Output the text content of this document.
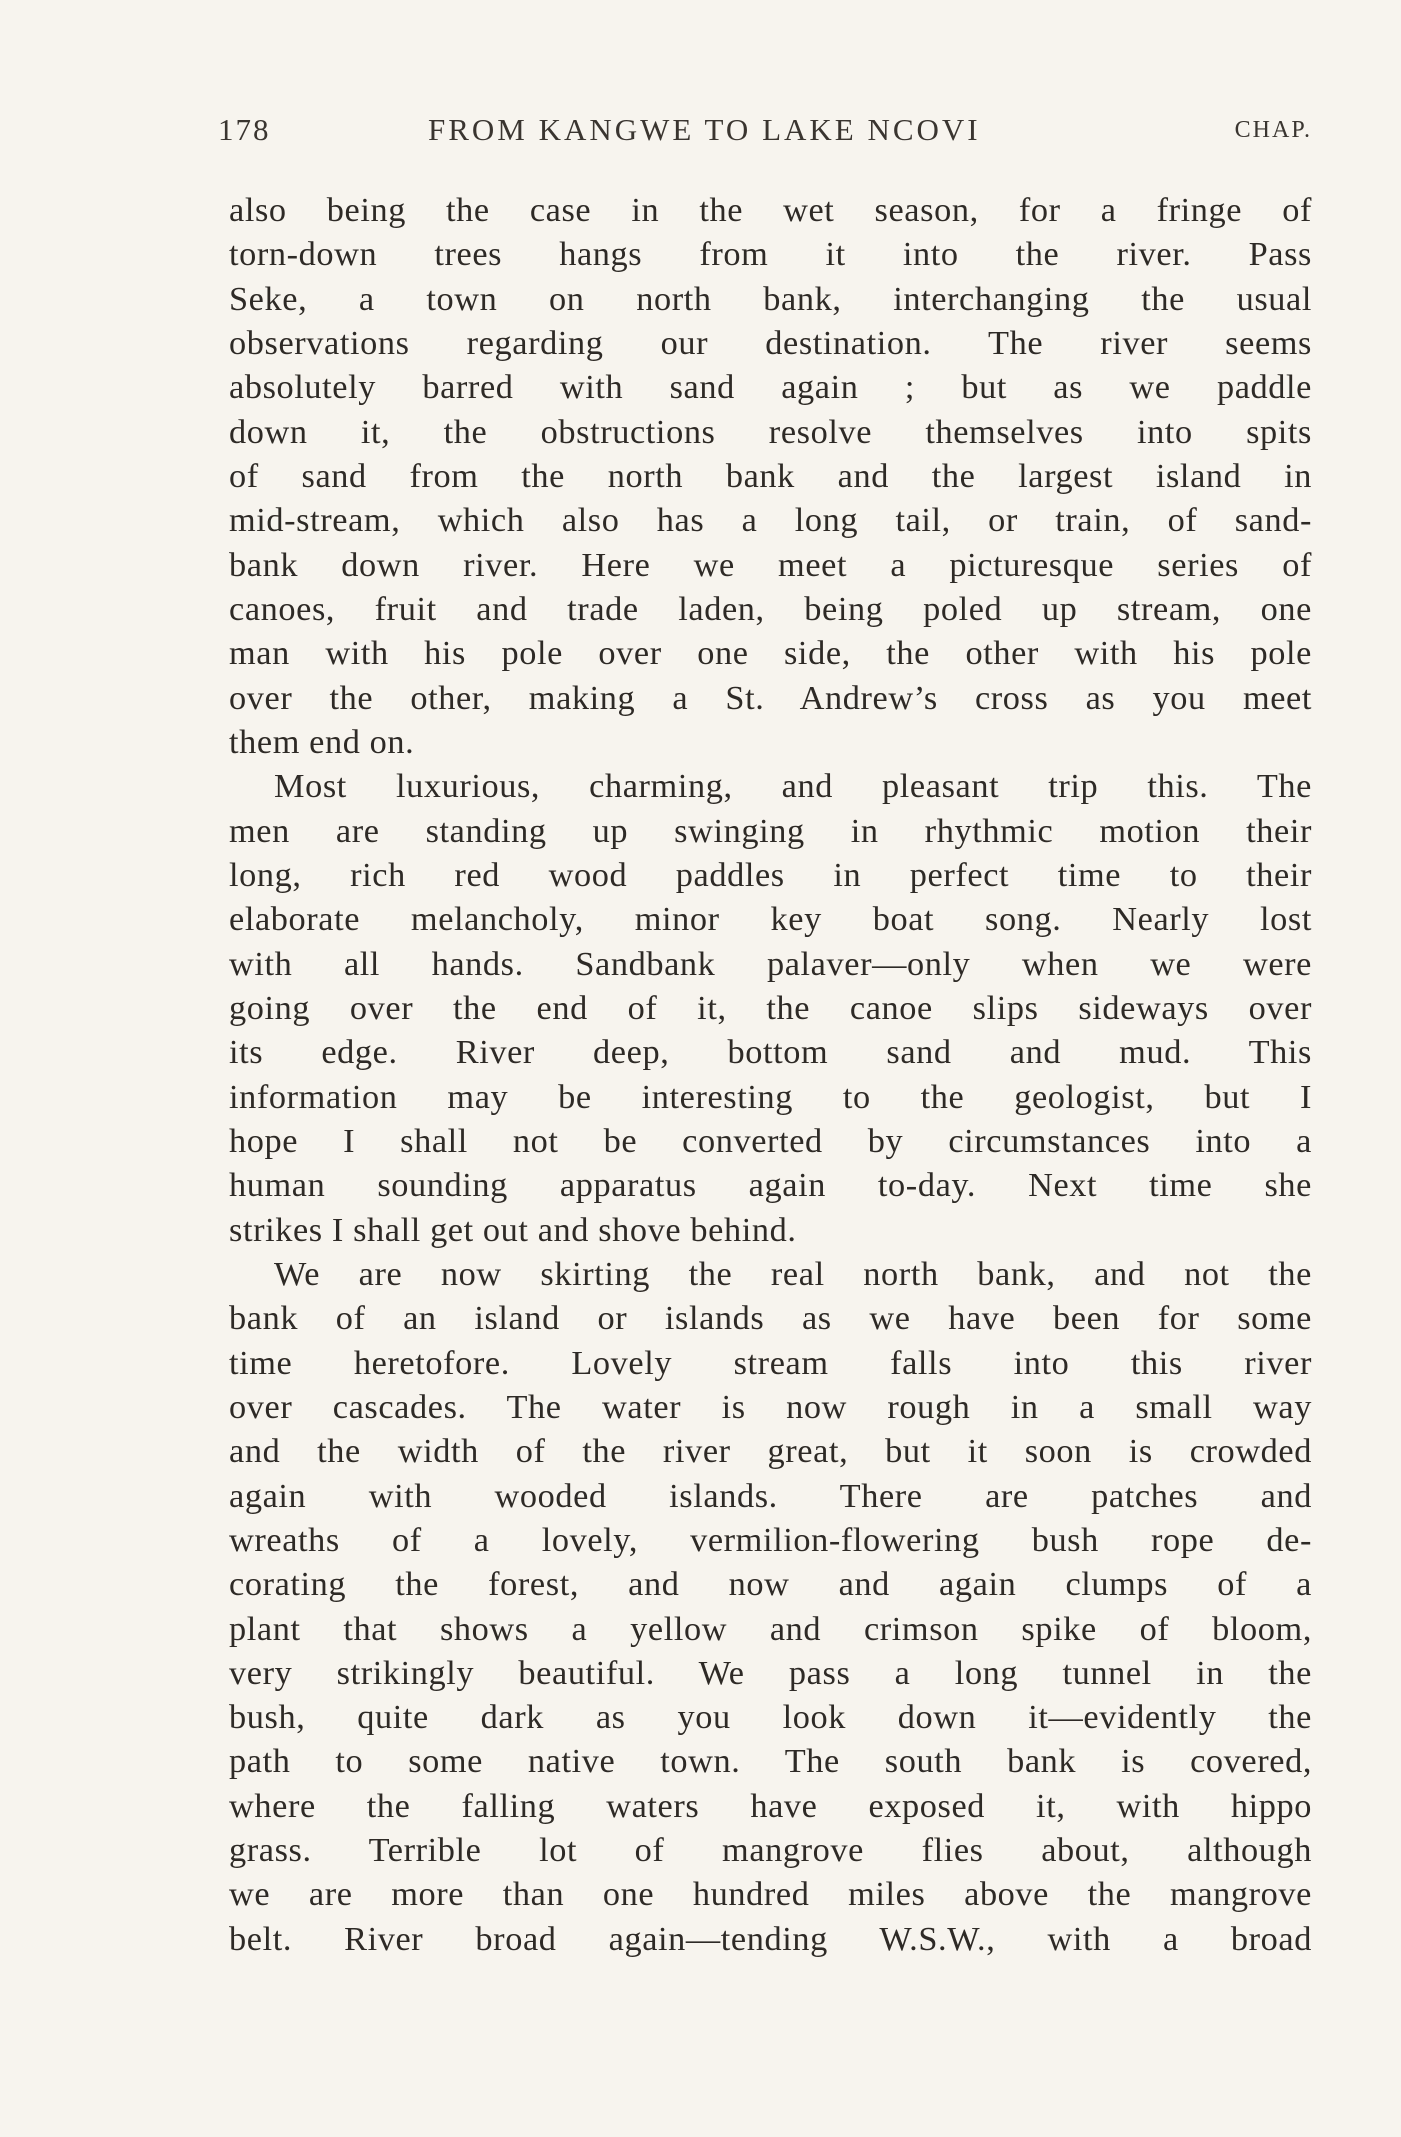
178	FROM KANGWE TO LAKE NCOVI	CHAP.
also being the case in the wet season, for a fringe of
torn-down trees hangs from it into the river. Pass
Seke, a town on north bank, interchanging the usual
observations regarding our destination. The river seems
absolutely barred with sand again ; but as we paddle
down it, the obstructions resolve themselves into spits
of sand from the north bank and the largest island in
mid-stream, which also has a long tail, or train, of sand-
bank down river. Here we meet a picturesque series of
canoes, fruit and trade laden, being poled up stream, one
man with his pole over one side, the other with his pole
over the other, making a St. Andrew’s cross as you meet
them end on.
Most luxurious, charming, and pleasant trip this. The
men are standing up swinging in rhythmic motion their
long, rich red wood paddles in perfect time to their
elaborate melancholy, minor key boat song. Nearly lost
with all hands. Sandbank palaver—only when we were
going over the end of it, the canoe slips sideways over
its edge. River deep, bottom sand and mud. This
information may be interesting to the geologist, but I
hope I shall not be converted by circumstances into a
human sounding apparatus again to-day. Next time she
strikes I shall get out and shove behind.
We are now skirting the real north bank, and not the
bank of an island or islands as we have been for some
time heretofore. Lovely stream falls into this river
over cascades. The water is now rough in a small way
and the width of the river great, but it soon is crowded
again with wooded islands. There are patches and
wreaths of a lovely, vermilion-flowering bush rope de-
corating the forest, and now and again clumps of a
plant that shows a yellow and crimson spike of bloom,
very strikingly beautiful. We pass a long tunnel in the
bush, quite dark as you look down it—evidently the
path to some native town. The south bank is covered,
where the falling waters have exposed it, with hippo
grass. Terrible lot of mangrove flies about, although
we are more than one hundred miles above the mangrove
belt. River broad again—tending W.S.W., with a broad
